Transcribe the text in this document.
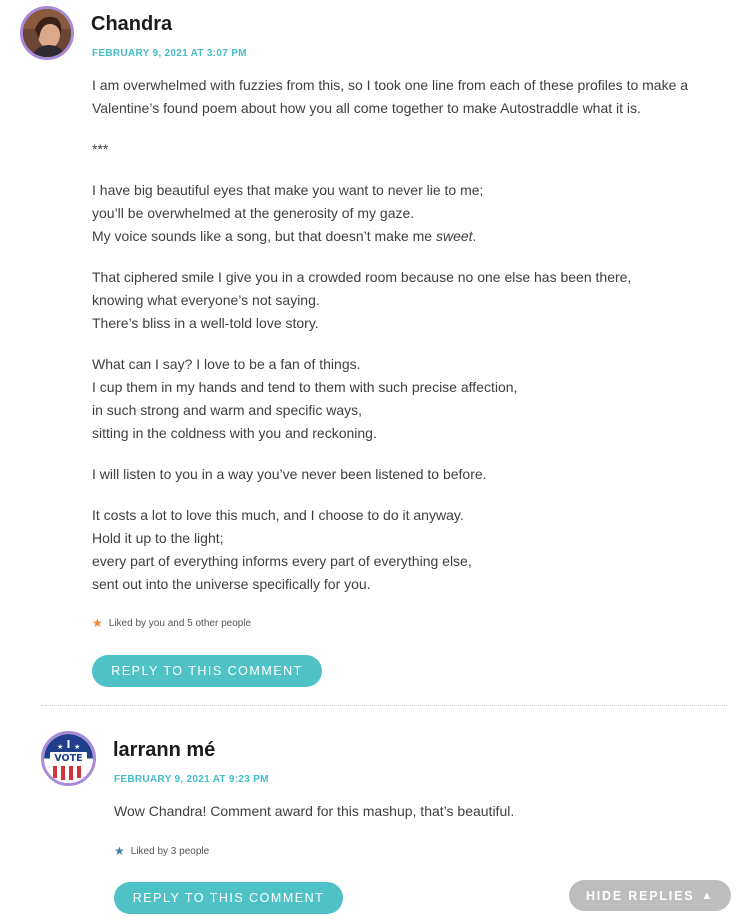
Chandra
FEBRUARY 9, 2021 AT 3:07 PM

I am overwhelmed with fuzzies from this, so I took one line from each of these profiles to make a Valentine’s found poem about how you all come together to make Autostraddle what it is.

***

I have big beautiful eyes that make you want to never lie to me;
you’ll be overwhelmed at the generosity of my gaze.
My voice sounds like a song, but that doesn’t make me sweet.

That ciphered smile I give you in a crowded room because no one else has been there,
knowing what everyone’s not saying.
There’s bliss in a well-told love story.

What can I say? I love to be a fan of things.
I cup them in my hands and tend to them with such precise affection,
in such strong and warm and specific ways,
sitting in the coldness with you and reckoning.

I will listen to you in a way you’ve never been listened to before.

It costs a lot to love this much, and I choose to do it anyway.
Hold it up to the light;
every part of everything informs every part of everything else,
sent out into the universe specifically for you.

★ Liked by you and 5 other people
REPLY TO THIS COMMENT
★ ★
VOTE larrann mé
FEBRUARY 9, 2021 AT 9:23 PM
Wow Chandra! Comment award for this mashup, that’s beautiful.
★ Liked by 3 people
REPLY TO THIS COMMENT	HIDE REPLIES ▲
